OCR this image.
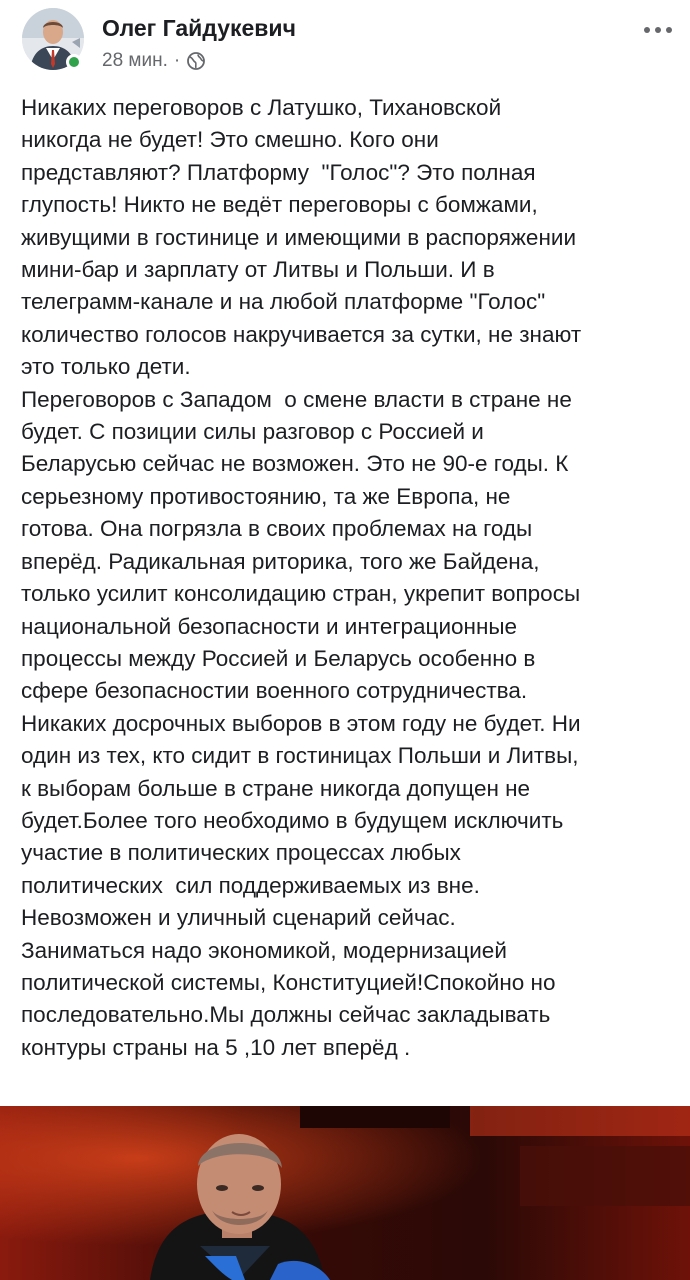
Олег Гайдукевич
28 мин. ·
Никаких переговоров с Латушко, Тихановской
никогда не будет! Это смешно. Кого они
представляют? Платформу  "Голос"? Это полная
глупость! Никто не ведёт переговоры с бомжами,
живущими в гостинице и имеющими в распоряжении
мини-бар и зарплату от Литвы и Польши. И в
телеграмм-канале и на любой платформе "Голос"
количество голосов накручивается за сутки, не знают
это только дети.
Переговоров с Западом  о смене власти в стране не
будет. С позиции силы разговор с Россией и
Беларусью сейчас не возможен. Это не 90-е годы. К
серьезному противостоянию, та же Европа, не
готова. Она погрязла в своих проблемах на годы
вперёд. Радикальная риторика, того же Байдена,
только усилит консолидацию стран, укрепит вопросы
национальной безопасности и интеграционные
процессы между Россией и Беларусь особенно в
сфере безопасностии военного сотрудничества.
Никаких досрочных выборов в этом году не будет. Ни
один из тех, кто сидит в гостиницах Польши и Литвы,
к выборам больше в стране никогда допущен не
будет.Более того необходимо в будущем исключить
участие в политических процессах любых
политических  сил поддерживаемых из вне.
Невозможен и уличный сценарий сейчас.
Заниматься надо экономикой, модернизацией
политической системы, Конституцией!Спокойно но
последовательно.Мы должны сейчас закладывать
контуры страны на 5 ,10 лет вперёд .
